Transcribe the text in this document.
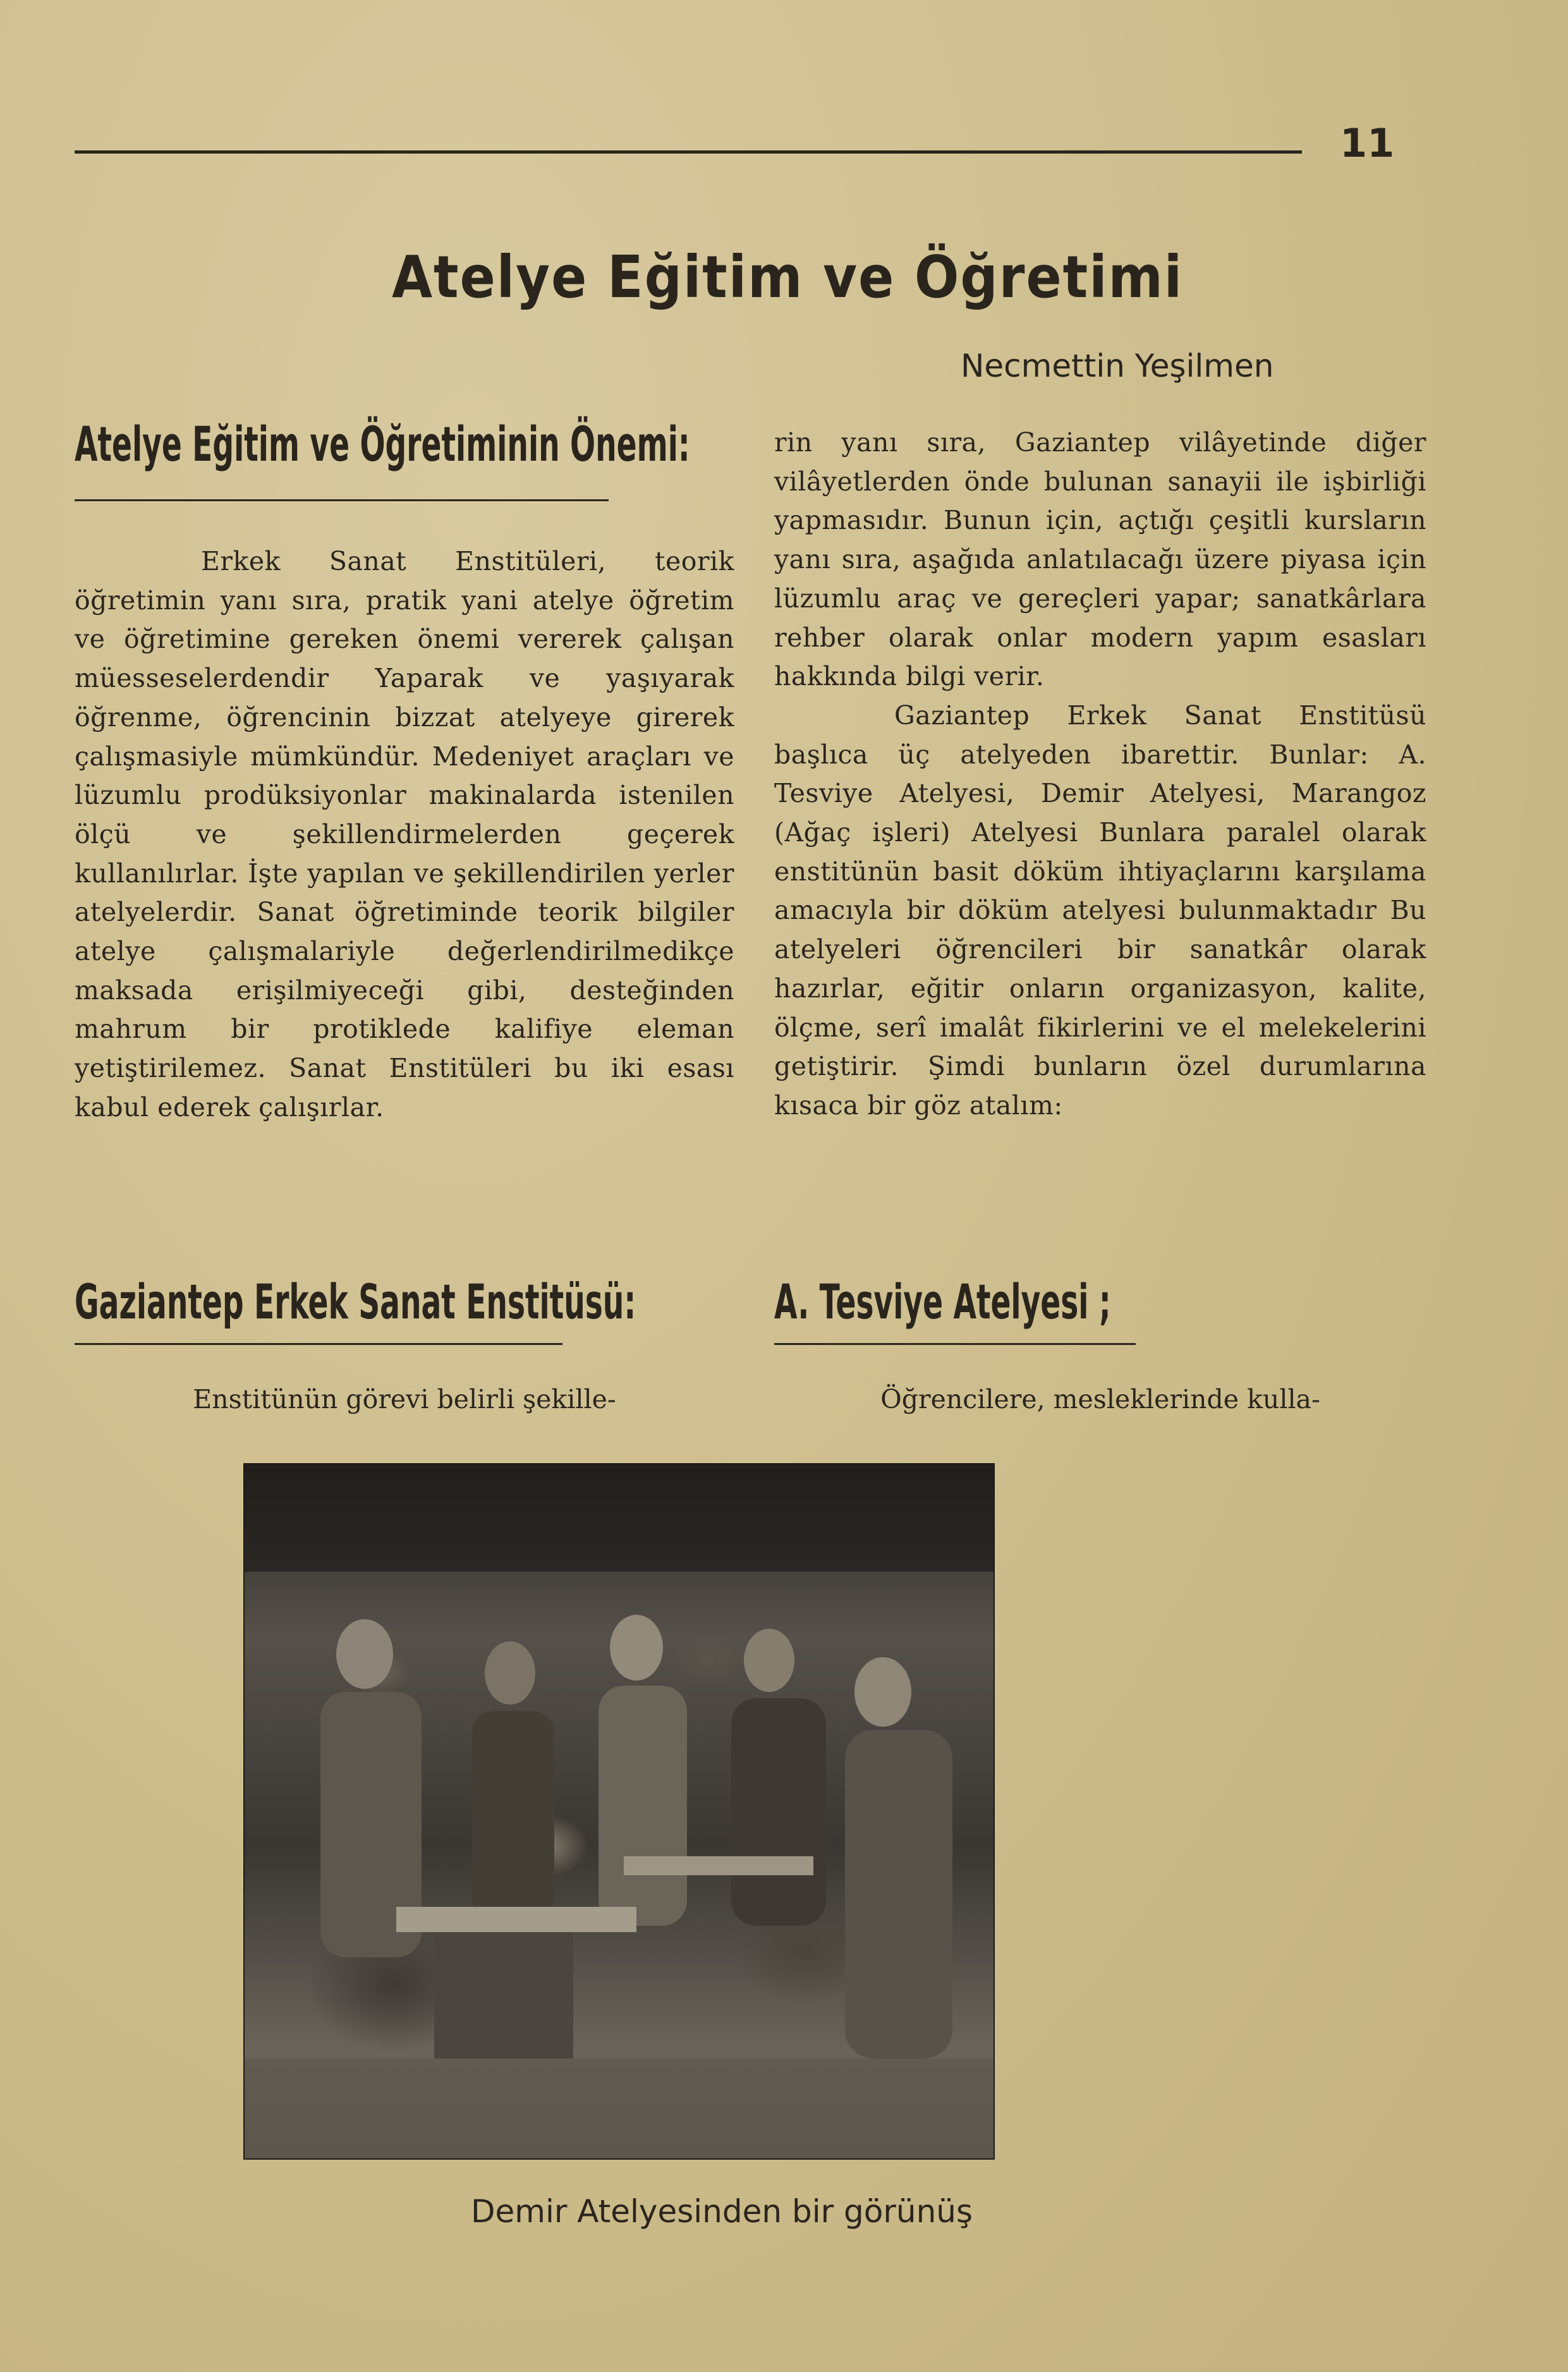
11
Atelye Eğitim ve Öğretimi
Necmettin Yeşilmen
Atelye Eğitim ve Öğretiminin Önemi:

Erkek Sanat Enstitüleri, teorik öğretimin yanı sıra, pratik yani atelye öğretim ve öğretimine gereken önemi vererek çalışan müesseselerdendir Yaparak ve yaşıyarak öğrenme, öğrencinin bizzat atelyeye girerek çalışmasiyle mümkündür. Medeniyet araçları ve lüzumlu prodüksiyonlar makinalarda istenilen ölçü ve şekillendirmelerden geçerek kullanılırlar. İşte yapılan ve şekillendirilen yerler atelyelerdir. Sanat öğretiminde teorik bilgiler atelye çalışmalariyle değerlendirilmedikçe maksada erişilmiyeceği gibi, desteğinden mahrum bir protiklede kalifiye eleman yetiştirilemez. Sanat Enstitüleri bu iki esası kabul ederek çalışırlar.

Gaziantep Erkek Sanat Enstitüsü:
Enstitünün görevi belirli şekille-

rin yanı sıra, Gaziantep vilâyetinde diğer vilâyetlerden önde bulunan sanayii ile işbirliği yapmasıdır. Bunun için, açtığı çeşitli kursların yanı sıra, aşağıda anlatılacağı üzere piyasa için lüzumlu araç ve gereçleri yapar; sanatkârlara rehber olarak onlar modern yapım esasları hakkında bilgi verir.

Gaziantep Erkek Sanat Enstitüsü başlıca üç atelyeden ibarettir. Bunlar: A. Tesviye Atelyesi, Demir Atelyesi, Marangoz (Ağaç işleri) Atelyesi Bunlara paralel olarak enstitünün basit döküm ihtiyaçlarını karşılama amacıyla bir döküm atelyesi bulunmaktadır Bu atelyeleri öğrencileri bir sanatkâr olarak hazırlar, eğitir onların organizasyon, kalite, ölçme, serî imalât fikirlerini ve el melekelerini getiştirir. Şimdi bunların özel durumlarına kısaca bir göz atalım:

A. Tesviye Atelyesi ;
Öğrencilere, mesleklerinde kulla-
Demir Atelyesinden bir görünüş
